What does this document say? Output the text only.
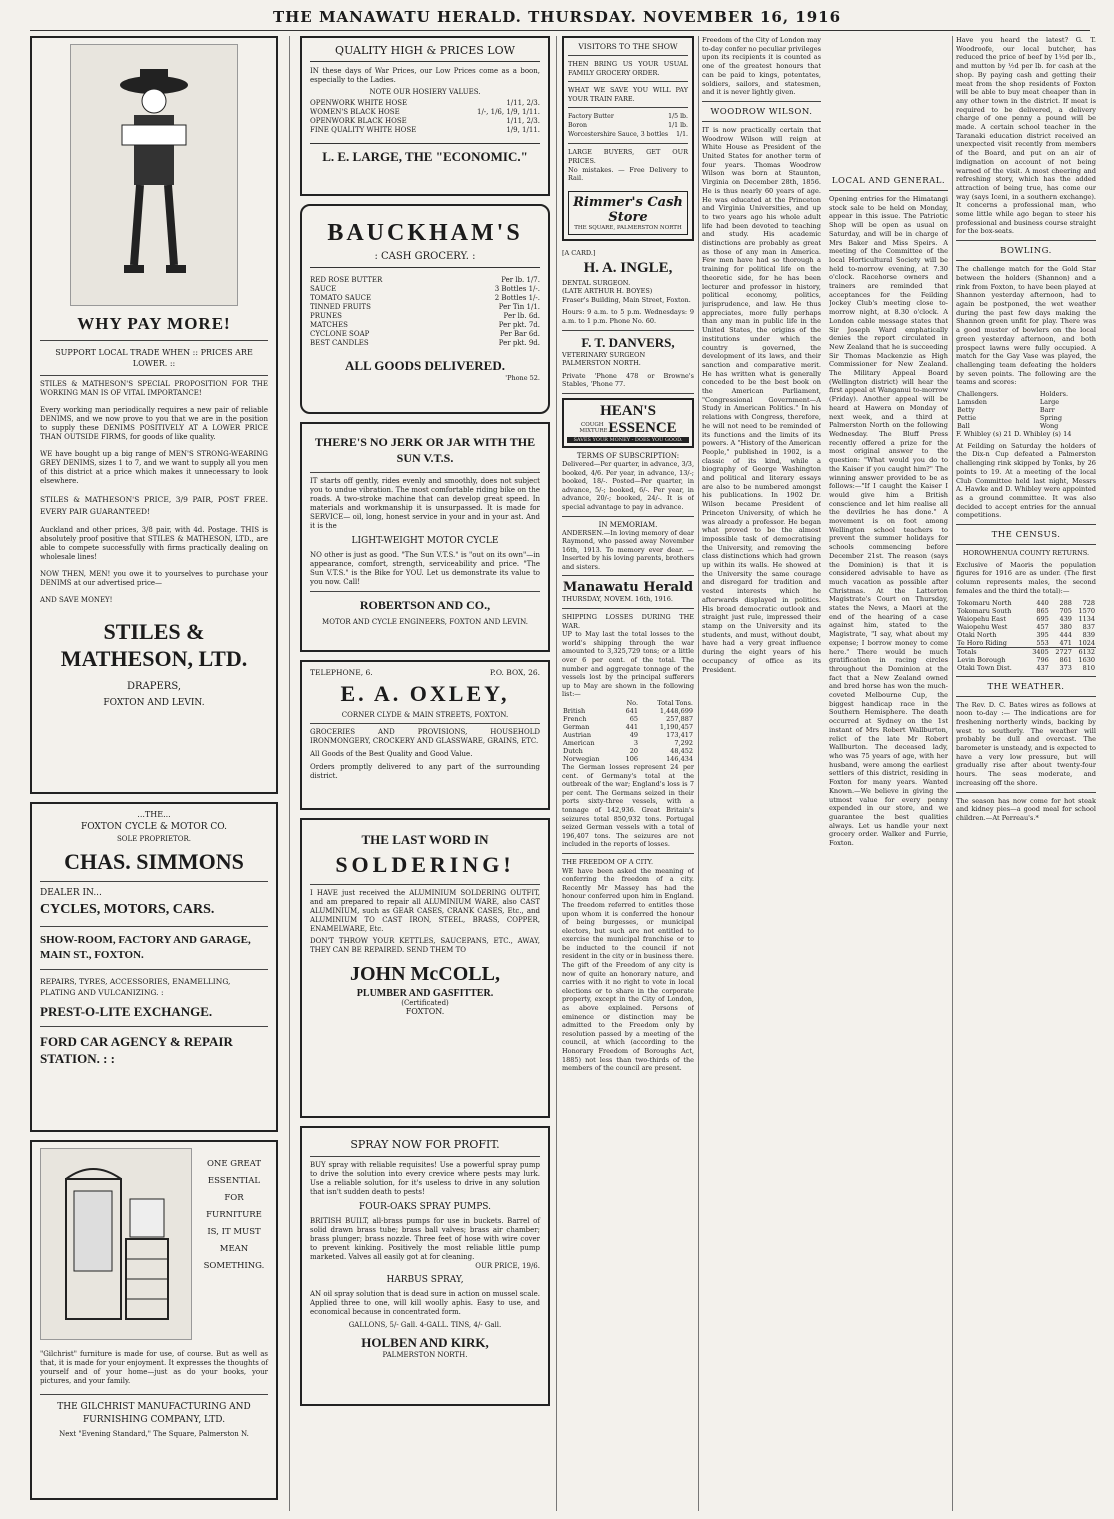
THE MANAWATU HERALD. THURSDAY. NOVEMBER 16, 1916
WHY PAY MORE!
SUPPORT LOCAL TRADE WHEN :: PRICES ARE LOWER. ::
STILES & MATHESON'S SPECIAL PROPOSITION FOR THE WORKING MAN IS OF VITAL IMPORTANCE!
Every working man periodically requires a new pair of reliable DENIMS, and we now prove to you that we are in the position to supply these DENIMS POSITIVELY AT A LOWER PRICE THAN OUTSIDE FIRMS, for goods of like quality.
WE have bought up a big range of MEN'S STRONG-WEARING GREY DENIMS, sizes 1 to 7, and we want to supply all you men of this district at a price which makes it unnecessary to look elsewhere.
STILES & MATHESON'S PRICE, 3/9 PAIR, POST FREE. EVERY PAIR GUARANTEED!
Auckland and other prices, 3/8 pair, with 4d. Postage. THIS is absolutely proof positive that STILES & MATHESON, LTD., are able to compete successfully with firms practically dealing on wholesale lines!
NOW THEN, MEN! you owe it to yourselves to purchase your DENIMS at our advertised price—
AND SAVE MONEY!
STILES &
MATHESON, LTD.
DRAPERS,
FOXTON AND LEVIN.
...THE...
FOXTON CYCLE & MOTOR CO.
SOLE PROPRIETOR.
CHAS. SIMMONS
DEALER IN...
CYCLES, MOTORS, CARS.
SHOW-ROOM, FACTORY AND GARAGE, MAIN ST., FOXTON.
REPAIRS, TYRES, ACCESSORIES, ENAMELLING, PLATING AND VULCANIZING. :
PREST-O-LITE EXCHANGE.
FORD CAR AGENCY & REPAIR STATION. : :
ONE GREAT ESSENTIAL FOR FURNITURE IS, IT MUST MEAN SOMETHING.
"Gilchrist" furniture is made for use, of course. But as well as that, it is made for your enjoyment. It expresses the thoughts of yourself and of your home—just as do your books, your pictures, and your family.
THE GILCHRIST MANUFACTURING AND FURNISHING COMPANY, LTD.
Next "Evening Standard," The Square, Palmerston N.
QUALITY HIGH & PRICES LOW
IN these days of War Prices, our Low Prices come as a boon, especially to the Ladies.
NOTE OUR HOSIERY VALUES.
OPENWORK WHITE HOSE	1/11, 2/3.
WOMEN'S BLACK HOSE	1/-, 1/6, 1/9, 1/11.
OPENWORK BLACK HOSE	1/11, 2/3.
FINE QUALITY WHITE HOSE	1/9, 1/11.
L. E. LARGE, THE "ECONOMIC."
BAUCKHAM'S
: CASH GROCERY. :
RED ROSE BUTTER	Per lb. 1/7.
SAUCE	3 Bottles 1/-.
TOMATO SAUCE	2 Bottles 1/-.
TINNED FRUITS	Per Tin 1/1.
PRUNES	Per lb. 6d.
MATCHES	Per pkt. 7d.
CYCLONE SOAP	Per Bar 6d.
BEST CANDLES	Per pkt. 9d.
ALL GOODS DELIVERED.
'Phone 52.
THERE'S NO JERK OR JAR WITH THE SUN V.T.S.
IT starts off gently, rides evenly and smoothly, does not subject you to undue vibration. The most comfortable riding bike on the roads. A two-stroke machine that can develop great speed. In materials and workmanship it is unsurpassed. It is made for SERVICE— oil, long, honest service in your and in your ast. And it is the
LIGHT-WEIGHT MOTOR CYCLE
NO other is just as good. "The Sun V.T.S." is "out on its own"—in appearance, comfort, strength, serviceability and price. "The Sun V.T.S." is the Bike for YOU. Let us demonstrate its value to you now. Call!
ROBERTSON AND CO.,
MOTOR AND CYCLE ENGINEERS, FOXTON AND LEVIN.
TELEPHONE, 6.	P.O. BOX, 26.
E. A. OXLEY,
CORNER CLYDE & MAIN STREETS, FOXTON.
GROCERIES AND PROVISIONS, HOUSEHOLD IRONMONGERY, CROCKERY AND GLASSWARE, GRAINS, ETC.
All Goods of the Best Quality and Good Value.
Orders promptly delivered to any part of the surrounding district.
THE LAST WORD IN
SOLDERING!
I HAVE just received the ALUMINIUM SOLDERING OUTFIT, and am prepared to repair all ALUMINIUM WARE, also CAST ALUMINIUM, such as GEAR CASES, CRANK CASES, Etc., and ALUMINIUM TO CAST IRON, STEEL, BRASS, COPPER, ENAMELWARE, Etc.
DON'T THROW YOUR KETTLES, SAUCEPANS, ETC., AWAY, THEY CAN BE REPAIRED. SEND THEM TO
JOHN McCOLL,
PLUMBER AND GASFITTER.
(Certificated)
FOXTON.
SPRAY NOW FOR PROFIT.
BUY spray with reliable requisites! Use a powerful spray pump to drive the solution into every crevice where pests may lurk. Use a reliable solution, for it's useless to drive in any solution that isn't sudden death to pests!
FOUR-OAKS SPRAY PUMPS.
BRITISH BUILT, all-brass pumps for use in buckets. Barrel of solid drawn brass tube; brass ball valves; brass air chamber; brass plunger; brass nozzle. Three feet of hose with wire cover to prevent kinking. Positively the most reliable little pump marketed. Valves all easily got at for cleaning.
OUR PRICE, 19/6.
HARBUS SPRAY,
AN oil spray solution that is dead sure in action on mussel scale. Applied three to one, will kill woolly aphis. Easy to use, and economical because in concentrated form.
GALLONS, 5/- Gall. 4-GALL. TINS, 4/- Gall.
HOLBEN AND KIRK,
PALMERSTON NORTH.
VISITORS TO THE SHOW
THEN BRING US YOUR USUAL FAMILY GROCERY ORDER.
WHAT WE SAVE YOU WILL PAY YOUR TRAIN FARE.
Factory Butter	1/5 lb.
Boron	1/1 lb.
Worcestershire Sauce, 3 bottles 1/1.
LARGE BUYERS, GET OUR PRICES.
No mistakes. — Free Delivery to Rail.
Rimmer's Cash Store
THE SQUARE, PALMERSTON NORTH
[A CARD.]
H. A. INGLE,
DENTAL SURGEON.
(LATE ARTHUR H. BOYES)
Fraser's Building, Main Street, Foxton.
Hours: 9 a.m. to 5 p.m. Wednesdays: 9 a.m. to 1 p.m. Phone No. 60.
F. T. DANVERS,
VETERINARY SURGEON
PALMERSTON NORTH.
Private 'Phone 478 or Browne's Stables, 'Phone 77.
HEAN'S
COUGH MIXTURE ESSENCE
SAVES YOUR MONEY - DOES YOU GOOD.
TERMS OF SUBSCRIPTION:
Delivered—Per quarter, in advance, 3/3, booked, 4/6. Per year, in advance, 13/-; booked, 18/-. Posted—Per quarter, in advance, 5/-; booked, 6/-. Per year, in advance, 20/-; booked, 24/-. It is of special advantage to pay in advance.
IN MEMORIAM.
ANDERSEN.—In loving memory of dear Raymond, who passed away November 16th, 1913. To memory ever dear. —Inserted by his loving parents, brothers and sisters.
Manawatu Herald
THURSDAY, NOVEM. 16th, 1916.
SHIPPING LOSSES DURING THE WAR.
UP to May last the total losses to the world's shipping through the war amounted to 3,325,729 tons; or a little over 6 per cent. of the total. The number and aggregate tonnage of the vessels lost by the principal sufferers up to May are shown in the following list:—
	No.	Total Tons.
British	641	1,448,699
French	65	257,887
German	441	1,190,457
Austrian	49	173,417
American	3	7,292
Dutch	20	48,452
Norwegian	106	146,434
The German losses represent 24 per cent. of Germany's total at the outbreak of the war; England's loss is 7 per cent. The Germans seized in their ports sixty-three vessels, with a tonnage of 142,936. Great Britain's seizures total 850,932 tons. Portugal seized German vessels with a total of 196,407 tons. The seizures are not included in the reports of losses.
THE FREEDOM OF A CITY.
WE have been asked the meaning of conferring the freedom of a city. Recently Mr Massey has had the honour conferred upon him in England. The freedom referred to entitles those upon whom it is conferred the honour of being burgesses, or municipal electors, but such are not entitled to exercise the municipal franchise or to be inducted to the council if not resident in the city or in business there. The gift of the Freedom of any city is now of quite an honorary nature, and carries with it no right to vote in local elections or to share in the corporate property, except in the City of London, as above explained. Persons of eminence or distinction may be admitted to the Freedom only by resolution passed by a meeting of the council, at which (according to the Honorary Freedom of Boroughs Act, 1885) not less than two-thirds of the members of the council are present.
Freedom of the City of London may to-day confer no peculiar privileges upon its recipients it is counted as one of the greatest honours that can be paid to kings, potentates, soldiers, sailors, and statesmen, and it is never lightly given.
WOODROW WILSON.
IT is now practically certain that Woodrow Wilson will reign at White House as President of the United States for another term of four years. Thomas Woodrow Wilson was born at Staunton, Virginia on December 28th, 1856. He is thus nearly 60 years of age. He was educated at the Princeton and Virginia Universities, and up to two years ago his whole adult life had been devoted to teaching and study. His academic distinctions are probably as great as those of any man in America. Few men have had so thorough a training for political life on the theoretic side, for he has been lecturer and professor in history, political economy, politics, jurisprudence, and law. He thus appreciates, more fully perhaps than any man in public life in the United States, the origins of the institutions under which the country is governed, the development of its laws, and their sanction and comparative merit. He has written what is generally conceded to be the best book on the American Parliament, "Congressional Government—A Study in American Politics." In his relations with Congress, therefore, he will not need to be reminded of its functions and the limits of its powers. A "History of the American People," published in 1902, is a classic of its kind, while a biography of George Washington and political and literary essays are also to be numbered amongst his publications. In 1902 Dr. Wilson became President of Princeton University, of which he was already a professor. He began what proved to be the almost impossible task of democratising the University, and removing the class distinctions which had grown up within its walls. He showed at the University the same courage and disregard for tradition and vested interests which he afterwards displayed in politics. His broad democratic outlook and straight just rule, impressed their stamp on the University and its students, and must, without doubt, have had a very great influence during the eight years of his occupancy of office as its President.
LOCAL AND GENERAL.
Opening entries for the Himatangi stock sale to be held on Monday, appear in this issue. The Patriotic Shop will be open as usual on Saturday, and will be in charge of Mrs Baker and Miss Speirs. A meeting of the Committee of the local Horticultural Society will be held to-morrow evening, at 7.30 o'clock. Racehorse owners and trainers are reminded that acceptances for the Feilding Jockey Club's meeting close to-morrow night, at 8.30 o'clock. A London cable message states that Sir Joseph Ward emphatically denies the report circulated in New Zealand that he is succeeding Sir Thomas Mackenzie as High Commissioner for New Zealand. The Military Appeal Board (Wellington district) will hear the first appeal at Wanganui to-morrow (Friday). Another appeal will be heard at Hawera on Monday of next week, and a third at Palmerston North on the following Wednesday. The Bluff Press recently offered a prize for the most original answer to the question: "What would you do to the Kaiser if you caught him?" The winning answer provided to be as follows:—"If I caught the Kaiser I would give him a British conscience and let him realise all the devilries he has done." A movement is on foot among Wellington school teachers to prevent the summer holidays for schools commencing before December 21st. The reason (says the Dominion) is that it is considered advisable to have as much vacation as possible after Christmas. At the Latterton Magistrate's Court on Thursday, states the News, a Maori at the end of the hearing of a case against him, stated to the Magistrate, "I say, what about my expense; I borrow money to come here." There would be much gratification in racing circles throughout the Dominion at the fact that a New Zealand owned and bred horse has won the much-coveted Melbourne Cup, the biggest handicap race in the Southern Hemisphere. The death occurred at Sydney on the 1st instant of Mrs Robert Wallburton, relict of the late Mr Robert Wallburton. The deceased lady, who was 75 years of age, with her husband, were among the earliest settlers of this district, residing in Foxton for many years. Wanted Known.—We believe in giving the utmost value for every penny expended in our store, and we guarantee the best qualities always. Let us handle your next grocery order. Walker and Furrie, Foxton.
Have you heard the latest? G. T. Woodroofe, our local butcher, has reduced the price of beef by 1½d per lb., and mutton by ½d per lb. for cash at the shop. By paying cash and getting their meat from the shop residents of Foxton will be able to buy meat cheaper than in any other town in the district. If meat is required to be delivered, a delivery charge of one penny a pound will be made. A certain school teacher in the Taranaki education district received an unexpected visit recently from members of the Board, and put on an air of indignation on account of not being warned of the visit. A most cheering and refreshing story, which has the added attraction of being true, has come our way (says Iceni, in a southern exchange). It concerns a professional man, who some little while ago began to steer his professional and business course straight for the box-seats.
BOWLING.
The challenge match for the Gold Star between the holders (Shannon) and a rink from Foxton, to have been played at Shannon yesterday afternoon, had to again be postponed, the wet weather during the past few days making the Shannon green unfit for play. There was a good muster of bowlers on the local green yesterday afternoon, and both prospect lawns were fully occupied. A match for the Gay Vase was played, the challenging team defeating the holders by seven points. The following are the teams and scores:
Challengers.	Holders.
Lamsden	Large
Betty	Barr
Pettie	Spring
Ball	Wong
F. Whibley (s) 21 D. Whibley (s) 14
At Feilding on Saturday the holders of the Dix-n Cup defeated a Palmerston challenging rink skipped by Tonks, by 26 points to 19. At a meeting of the local Club Committee held last night, Messrs A. Hawke and D. Whibley were appointed as a ground committee. It was also decided to accept entries for the annual competitions.
THE CENSUS.
HOROWHENUA COUNTY RETURNS.
Exclusive of Maoris the population figures for 1916 are as under. (The first column represents males, the second females and the third the total):—
Tokomaru North	440	288	728
Tokomaru South	865	705	1570
Waiopehu East	695	439	1134
Waiopehu West	457	380	837
Otaki North	395	444	839
Te Horo Riding	553	471	1024
Totals	3405	2727	6132
Levin Borough	796	861	1630
Otaki Town Dist.	437	373	810
THE WEATHER.
The Rev. D. C. Bates wires as follows at noon to-day :— The indications are for freshening northerly winds, backing by west to southerly. The weather will probably be dull and overcast. The barometer is unsteady, and is expected to have a very low pressure, but will gradually rise after about twenty-four hours. The seas moderate, and increasing off the shore.
The season has now come for hot steak and kidney pies—a good meal for school children.—At Perreau's.*
